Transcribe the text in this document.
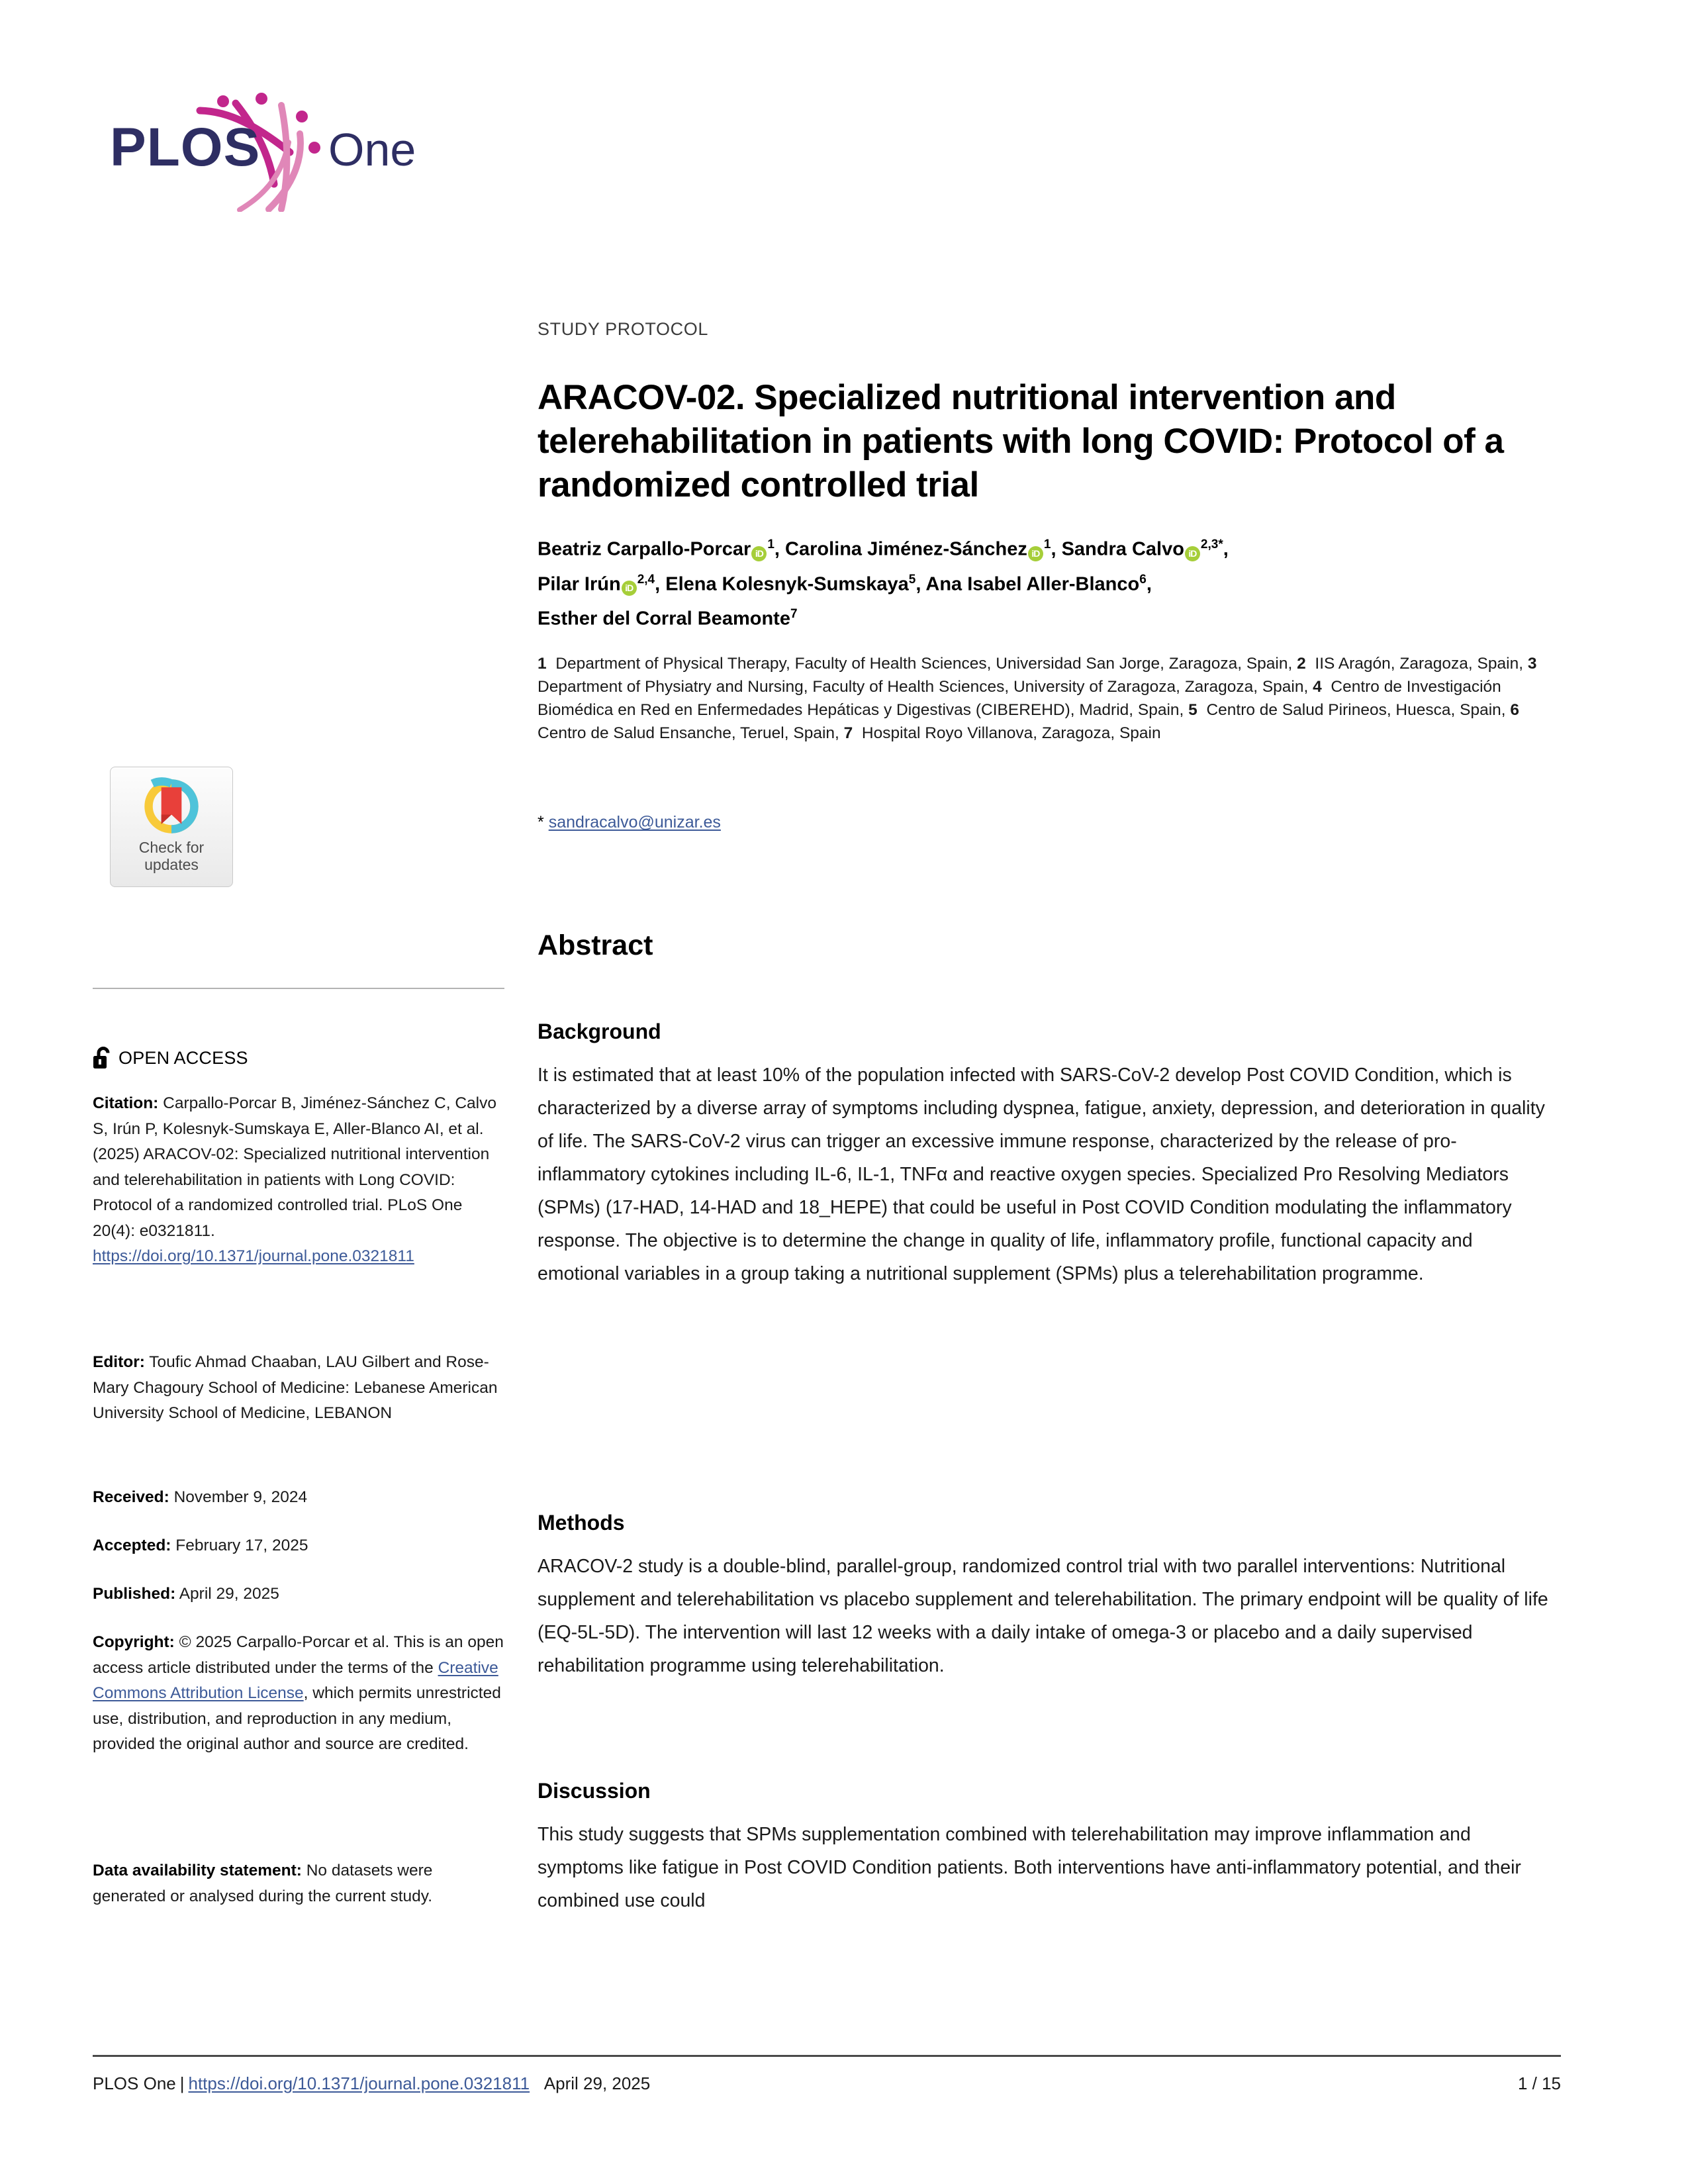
PLOS One
Check for
updates
OPEN ACCESS
Citation: Carpallo-Porcar B, Jiménez-Sánchez C, Calvo S, Irún P, Kolesnyk-Sumskaya E, Aller-Blanco AI, et al. (2025) ARACOV-02: Specialized nutritional intervention and telerehabilitation in patients with Long COVID: Protocol of a randomized controlled trial. PLoS One 20(4): e0321811. https://doi.org/10.1371/journal.pone.0321811
Editor: Toufic Ahmad Chaaban, LAU Gilbert and Rose-Mary Chagoury School of Medicine: Lebanese American University School of Medicine, LEBANON
Received: November 9, 2024
Accepted: February 17, 2025
Published: April 29, 2025
Copyright: © 2025 Carpallo-Porcar et al. This is an open access article distributed under the terms of the Creative Commons Attribution License, which permits unrestricted use, distribution, and reproduction in any medium, provided the original author and source are credited.
Data availability statement: No datasets were generated or analysed during the current study.
STUDY PROTOCOL
ARACOV-02. Specialized nutritional intervention and telerehabilitation in patients with long COVID: Protocol of a randomized controlled trial
Beatriz Carpallo-Porcar $iD^1$, Carolina Jiménez-Sánchez $iD^1$, Sandra Calvo $iD^{2,3*}$,
Pilar Irún iD$^{2,4}$, Elena Kolesnyk-Sumskaya$^5$, Ana Isabel Aller-Blanco$^6$,
Esther del Corral Beamonte$^7$
1 Department of Physical Therapy, Faculty of Health Sciences, Universidad San Jorge, Zaragoza, Spain, 2 IIS Aragón, Zaragoza, Spain, 3  Department of Physiatry and Nursing, Faculty of Health Sciences, University of Zaragoza, Zaragoza, Spain, 4 Centro de Investigación Biomédica en Red en Enfermedades Hepáticas y Digestivas (CIBEREHD), Madrid, Spain, 5 Centro de Salud Pirineos, Huesca, Spain, 6  Centro de Salud Ensanche, Teruel, Spain, 7 Hospital Royo Villanova, Zaragoza, Spain
* sandracalvo@unizar.es
Abstract
Background

It is estimated that at least 10% of the population infected with SARS-CoV-2 develop Post COVID Condition, which is characterized by a diverse array of symptoms including dyspnea, fatigue, anxiety, depression, and deterioration in quality of life. The SARS-CoV-2 virus can trigger an excessive immune response, characterized by the release of pro-inflammatory cytokines including IL-6, IL-1, TNFα and reactive oxygen species. Specialized Pro Resolving Mediators (SPMs) (17-HAD, 14-HAD and 18_HEPE) that could be useful in Post COVID Condition modulating the inflammatory response. The objective is to determine the change in quality of life, inflammatory profile, functional capacity and emotional variables in a group taking a nutritional supplement (SPMs) plus a telerehabilitation programme.

Methods

ARACOV-2 study is a double-blind, parallel-group, randomized control trial with two parallel interventions: Nutritional supplement and telerehabilitation vs placebo supplement and telerehabilitation. The primary endpoint will be quality of life (EQ-5L-5D). The intervention will last 12 weeks with a daily intake of omega-3 or placebo and a daily supervised rehabilitation programme using telerehabilitation.

Discussion

This study suggests that SPMs supplementation combined with telerehabilitation may improve inflammation and symptoms like fatigue in Post COVID Condition patients. Both interventions have anti-inflammatory potential, and their combined use could

PLOS One | https://doi.org/10.1371/journal.pone.0321811 April 29, 2025	1 / 15
